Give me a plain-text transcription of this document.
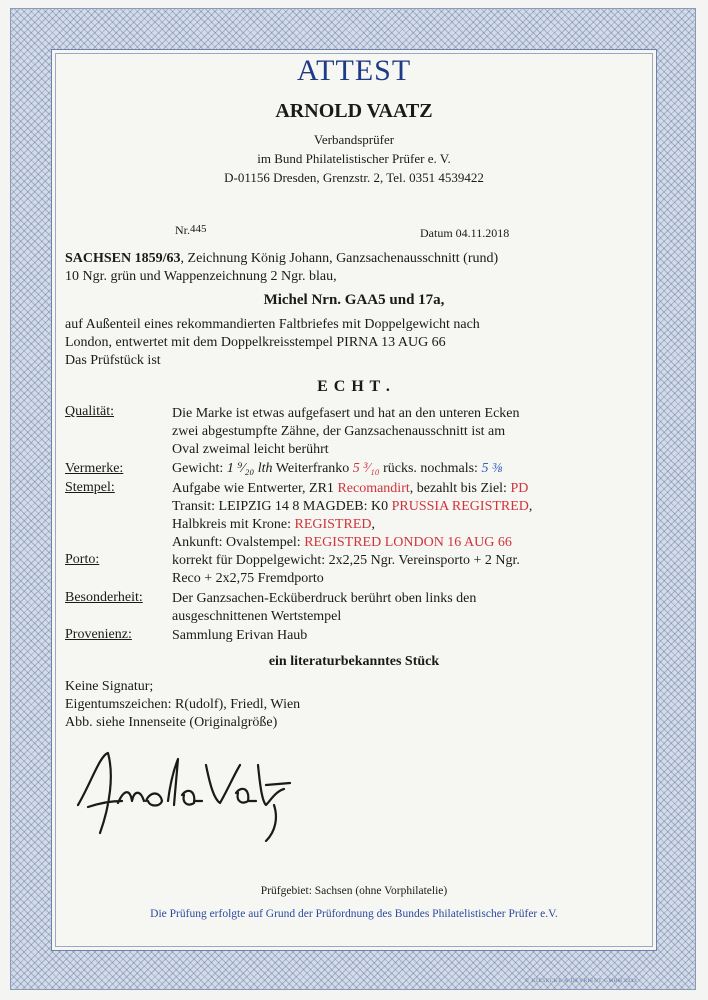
ATTEST
ARNOLD VAATZ
Verbandsprüfer
im Bund Philatelistischer Prüfer e. V.
D-01156 Dresden, Grenzstr. 2, Tel. 0351 4539422
Nr.445	Datum 04.11.2018
SACHSEN 1859/63, Zeichnung König Johann, Ganzsachenausschnitt (rund)
10 Ngr. grün und Wappenzeichnung 2 Ngr. blau,
Michel Nrn. GAA5 und 17a,
auf Außenteil eines rekommandierten Faltbriefes mit Doppelgewicht nach
London, entwertet mit dem Doppelkreisstempel PIRNA 13 AUG 66
Das Prüfstück ist
E C H T .
Qualität:	Die Marke ist etwas aufgefasert und hat an den unteren Ecken
zwei abgestumpfte Zähne, der Ganzsachenausschnitt ist am
Oval zweimal leicht berührt
Vermerke:	Gewicht: 1 ⁹⁄₂₀ lth Weiterfranko 5 ³⁄₁₀ rücks. nochmals: 5 ⅜
Stempel:	Aufgabe wie Entwerter, ZR1 Recomandirt, bezahlt bis Ziel: PD
Transit: LEIPZIG 14 8 MAGDEB: K0 PRUSSIA REGISTRED,
Halbkreis mit Krone: REGISTRED,
Ankunft: Ovalstempel: REGISTRED LONDON 16 AUG 66
Porto:	korrekt für Doppelgewicht: 2x2,25 Ngr. Vereinsporto + 2 Ngr.
Reco + 2x2,75 Fremdporto
Besonderheit: Der Ganzsachen-Ecküberdruck berührt oben links den
ausgeschnittenen Wertstempel
Provenienz:	Sammlung Erivan Haub
ein literaturbekanntes Stück
Keine Signatur;
Eigentumszeichen: R(udolf), Friedl, Wien
Abb. siehe Innenseite (Originalgröße)
Prüfgebiet: Sachsen (ohne Vorphilatelie)
Die Prüfung erfolgte auf Grund der Prüfordnung des Bundes Philatelistischer Prüfer e.V.
© GIESECKE & DEVRIENT GMBH 2014
